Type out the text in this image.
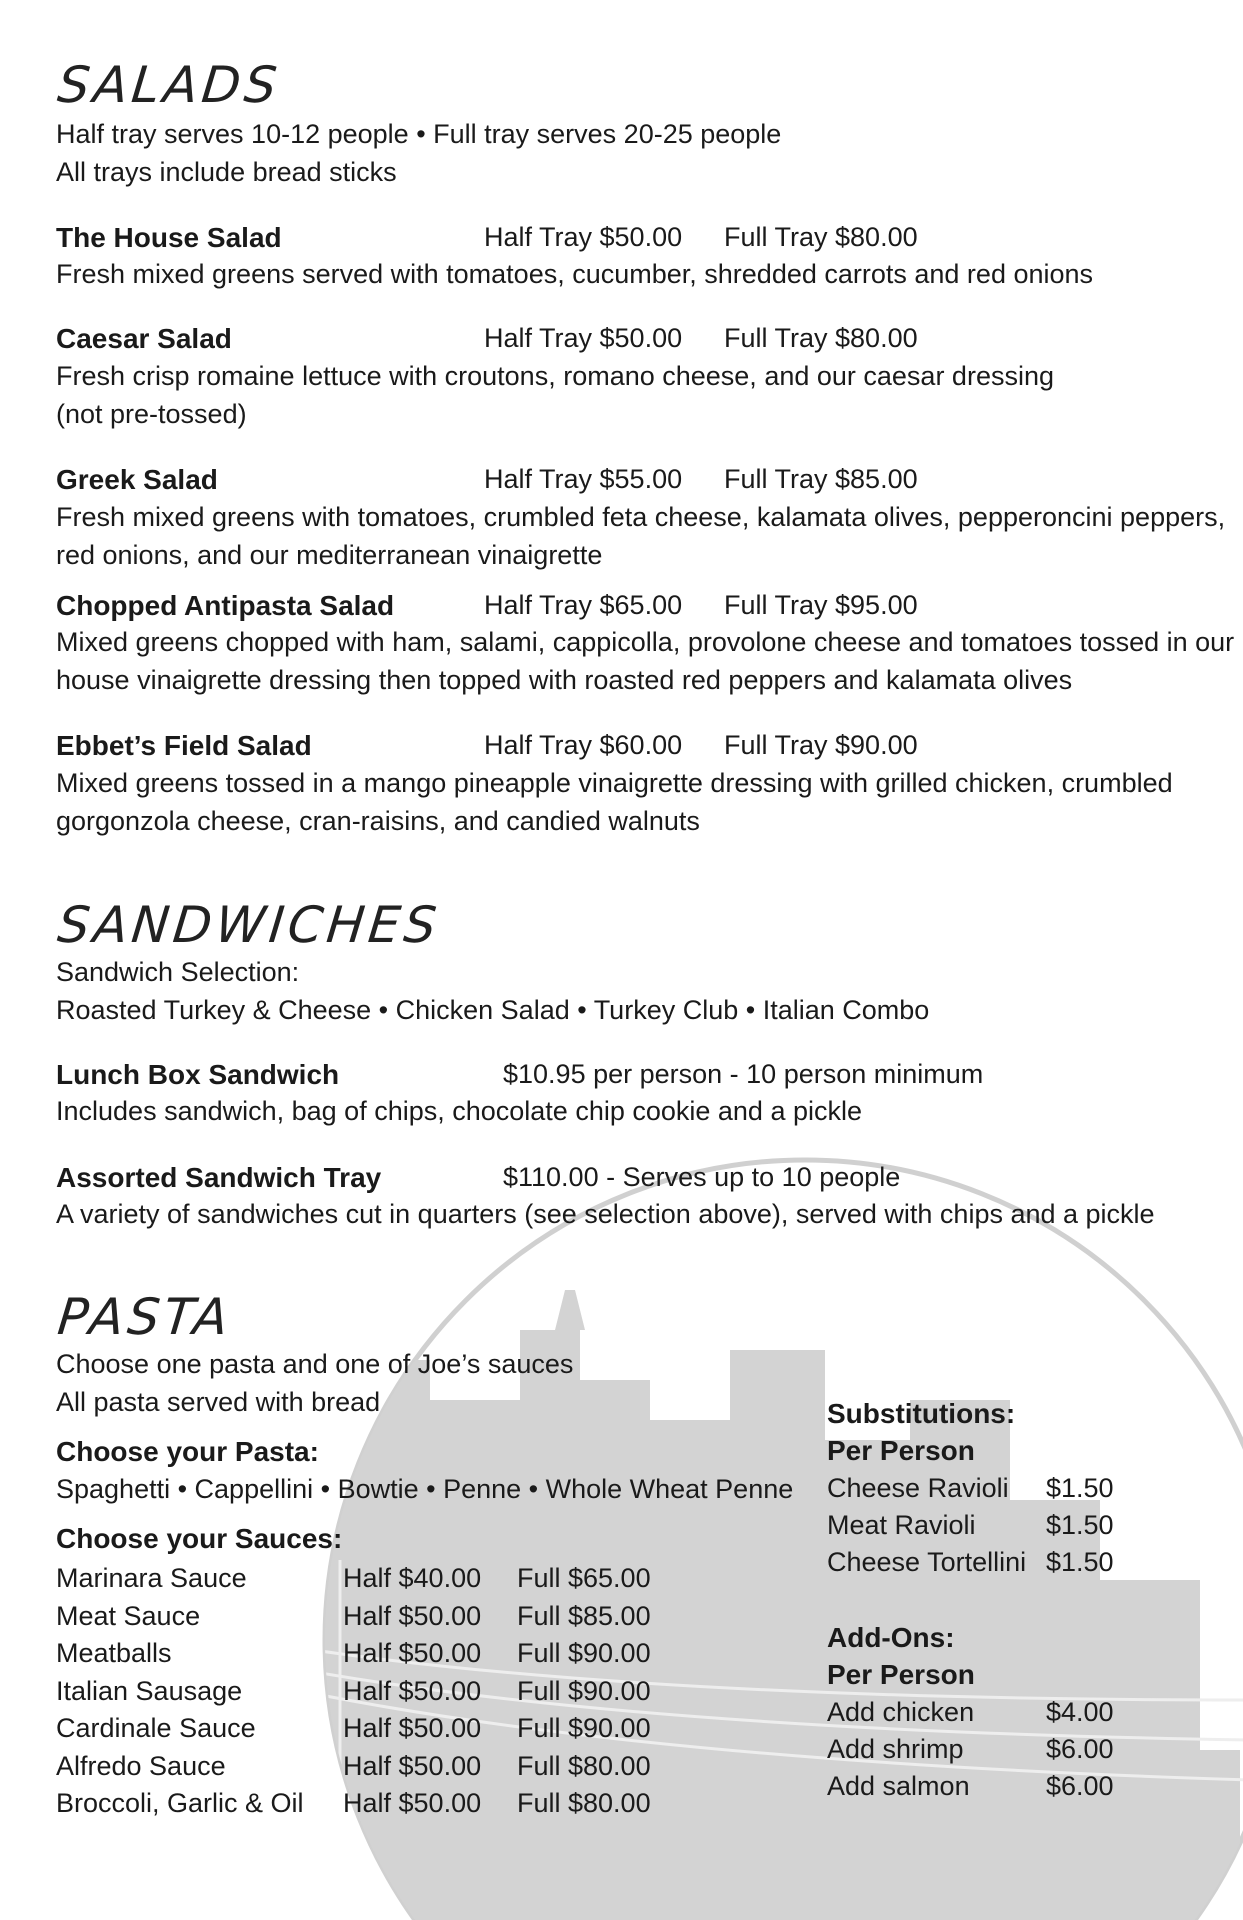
SALADS
Half tray serves 10-12 people • Full tray serves 20-25 people
All trays include bread sticks
The House Salad	Half Tray $50.00 Full Tray $80.00
Fresh mixed greens served with tomatoes, cucumber, shredded carrots and red onions
Caesar Salad	Half Tray $50.00 Full Tray $80.00
Fresh crisp romaine lettuce with croutons, romano cheese, and our caesar dressing
(not pre-tossed)
Greek Salad	Half Tray $55.00 Full Tray $85.00
Fresh mixed greens with tomatoes, crumbled feta cheese, kalamata olives, pepperoncini peppers,
red onions, and our mediterranean vinaigrette
Chopped Antipasta Salad	Half Tray $65.00 Full Tray $95.00
Mixed greens chopped with ham, salami, cappicolla, provolone cheese and tomatoes tossed in our
house vinaigrette dressing then topped with roasted red peppers and kalamata olives
Ebbet’s Field Salad	Half Tray $60.00 Full Tray $90.00
Mixed greens tossed in a mango pineapple vinaigrette dressing with grilled chicken, crumbled
gorgonzola cheese, cran-raisins, and candied walnuts
SANDWICHES
Sandwich Selection:
Roasted Turkey & Cheese • Chicken Salad • Turkey Club • Italian Combo
Lunch Box Sandwich	$10.95 per person - 10 person minimum
Includes sandwich, bag of chips, chocolate chip cookie and a pickle
Assorted Sandwich Tray	$110.00 - Serves up to 10 people
A variety of sandwiches cut in quarters (see selection above), served with chips and a pickle
PASTA
Choose one pasta and one of Joe’s sauces
All pasta served with bread
Choose your Pasta:
Spaghetti • Cappellini • Bowtie • Penne • Whole Wheat Penne
Choose your Sauces:
Marinara Sauce	Half $40.00 Full $65.00
Meat Sauce	Half $50.00 Full $85.00
Meatballs	Half $50.00 Full $90.00
Italian Sausage	Half $50.00 Full $90.00
Cardinale Sauce	Half $50.00 Full $90.00
Alfredo Sauce	Half $50.00 Full $80.00
Broccoli, Garlic & Oil Half $50.00 Full $80.00
Substitutions:
Per Person
Cheese Ravioli $1.50
Meat Ravioli	$1.50
Cheese Tortellini $1.50
Add-Ons:
Per Person
Add chicken	$4.00
Add shrimp	$6.00
Add salmon	$6.00
